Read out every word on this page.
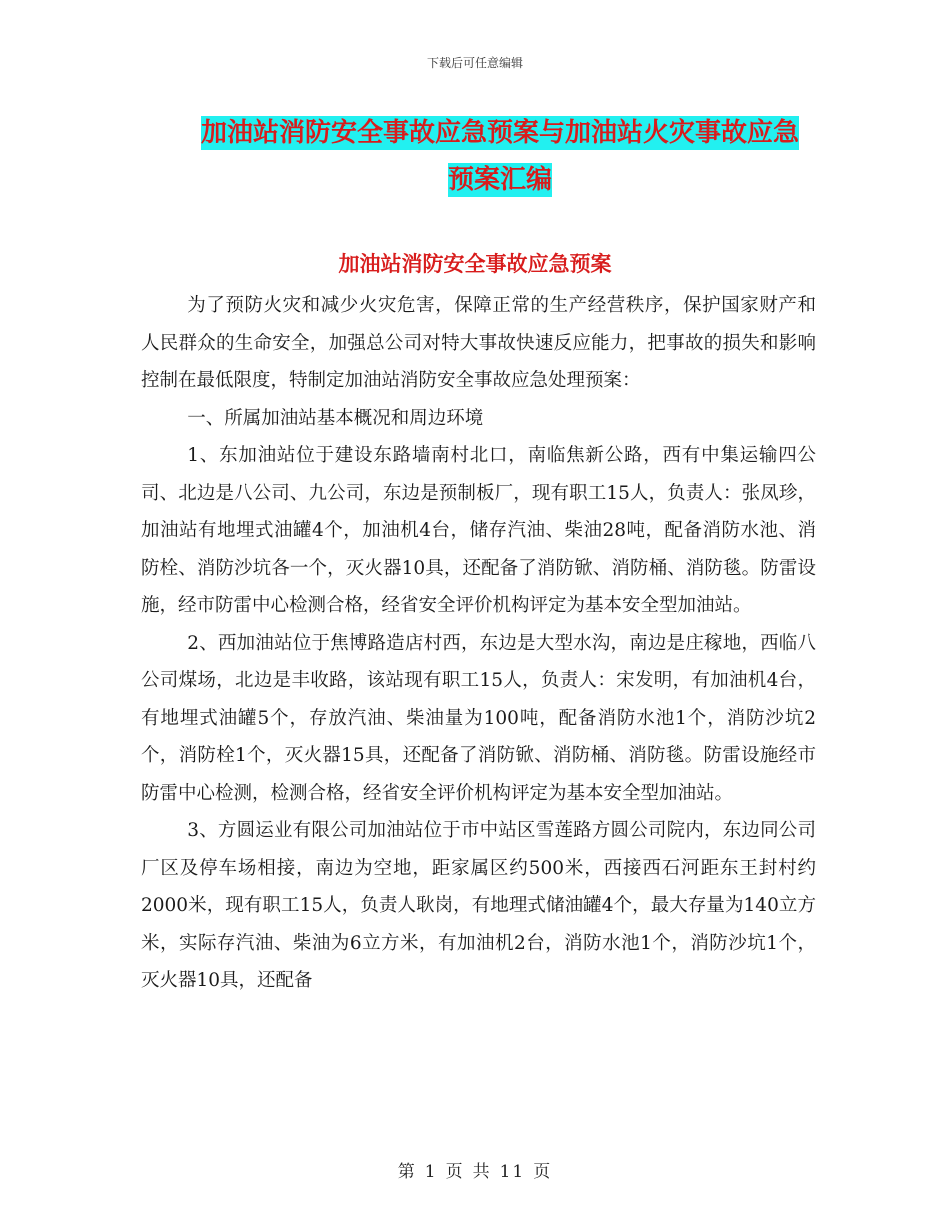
下载后可任意编辑
加油站消防安全事故应急预案与加油站火灾事故应急
预案汇编
加油站消防安全事故应急预案

为了预防火灾和减少火灾危害，保障正常的生产经营秩序，保护国家财产和人民群众的生命安全，加强总公司对特大事故快速反应能力，把事故的损失和影响控制在最低限度，特制定加油站消防安全事故应急处理预案：

一、所属加油站基本概况和周边环境

1、东加油站位于建设东路墙南村北口，南临焦新公路，西有中集运输四公司、北边是八公司、九公司，东边是预制板厂，现有职工15人，负责人：张凤珍，加油站有地埋式油罐4个，加油机4台，储存汽油、柴油28吨，配备消防水池、消防栓、消防沙坑各一个，灭火器10具，还配备了消防锨、消防桶、消防毯。防雷设施，经市防雷中心检测合格，经省安全评价机构评定为基本安全型加油站。

2、西加油站位于焦博路造店村西，东边是大型水沟，南边是庄稼地，西临八公司煤场，北边是丰收路，该站现有职工15人，负责人：宋发明，有加油机4台，有地埋式油罐5个，存放汽油、柴油量为100吨，配备消防水池1个，消防沙坑2个，消防栓1个，灭火器15具，还配备了消防锨、消防桶、消防毯。防雷设施经市防雷中心检测，检测合格，经省安全评价机构评定为基本安全型加油站。

3、方圆运业有限公司加油站位于市中站区雪莲路方圆公司院内，东边同公司厂区及停车场相接，南边为空地，距家属区约500米，西接西石河距东王封村约2000米，现有职工15人，负责人耿岗，有地理式储油罐4个，最大存量为140立方米，实际存汽油、柴油为6立方米，有加油机2台，消防水池1个，消防沙坑1个，灭火器10具，还配备

第 1 页 共 11 页
